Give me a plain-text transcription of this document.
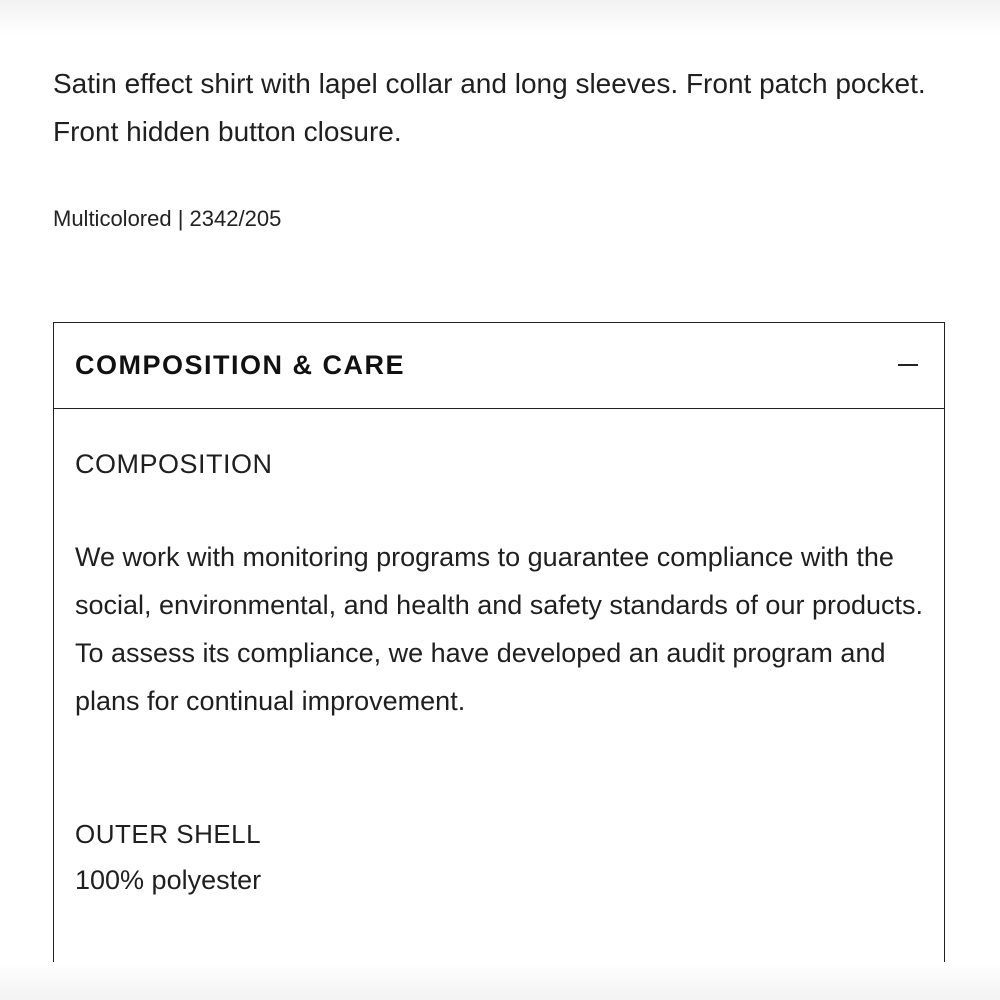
Satin effect shirt with lapel collar and long sleeves. Front patch pocket. Front hidden button closure.

Multicolored | 2342/205

COMPOSITION & CARE
COMPOSITION

We work with monitoring programs to guarantee compliance with the social, environmental, and health and safety standards of our products. To assess its compliance, we have developed an audit program and plans for continual improvement.

OUTER SHELL

100% polyester
